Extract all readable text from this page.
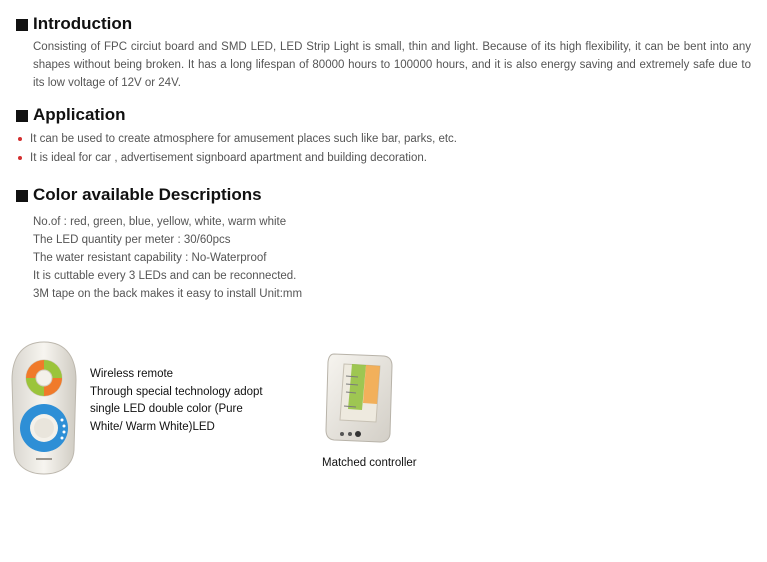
Introduction
Consisting of FPC circiut board and SMD LED, LED Strip Light is small, thin and light. Because of its high flexibility, it can be bent into any shapes without being broken. It has a long lifespan of 80000 hours to 100000 hours, and it is also energy saving and extremely safe due to its low voltage of 12V or 24V.
Application
It can be used to create atmosphere for amusement places such like bar, parks, etc.
It is ideal for car , advertisement signboard apartment and building decoration.
Color available Descriptions
No.of : red, green, blue, yellow, white, warm white
The LED quantity per meter : 30/60pcs
The water resistant capability : No-Waterproof
It is cuttable every 3 LEDs and can be reconnected.
3M tape on the back makes it easy to install Unit:mm
Wireless remote
Through special technology adopt
single LED double color (Pure
White/ Warm White)LED
Matched controller
